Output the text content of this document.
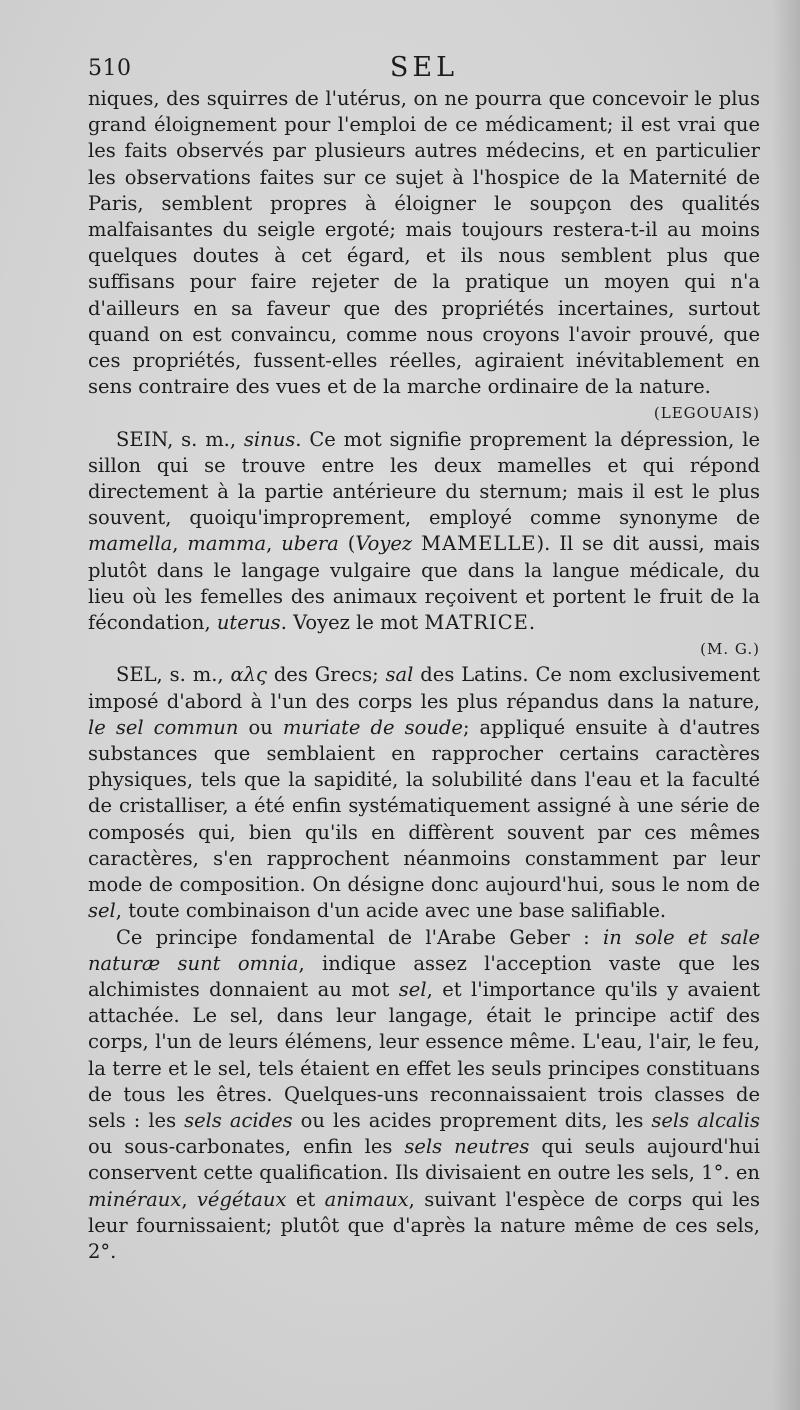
510	SEL

niques, des squirres de l'utérus, on ne pourra que concevoir le plus grand éloignement pour l'emploi de ce médicament; il est vrai que les faits observés par plusieurs autres médecins, et en particulier les observations faites sur ce sujet à l'hospice de la Maternité de Paris, semblent propres à éloigner le soupçon des qualités malfaisantes du seigle ergoté; mais toujours restera-t-il au moins quelques doutes à cet égard, et ils nous semblent plus que suffisans pour faire rejeter de la pratique un moyen qui n'a d'ailleurs en sa faveur que des propriétés incertaines, surtout quand on est convaincu, comme nous croyons l'avoir prouvé, que ces propriétés, fussent-elles réelles, agiraient inévitablement en sens contraire des vues et de la marche ordinaire de la nature.

(LEGOUAIS)

SEIN, s. m., sinus. Ce mot signifie proprement la dépression, le sillon qui se trouve entre les deux mamelles et qui répond directement à la partie antérieure du sternum; mais il est le plus souvent, quoiqu'improprement, employé comme synonyme de mamella, mamma, ubera (Voyez MAMELLE). Il se dit aussi, mais plutôt dans le langage vulgaire que dans la langue médicale, du lieu où les femelles des animaux reçoivent et portent le fruit de la fécondation, uterus. Voyez le mot MATRICE.

(M. G.)

SEL, s. m., αλς des Grecs; sal des Latins. Ce nom exclusivement imposé d'abord à l'un des corps les plus répandus dans la nature, le sel commun ou muriate de soude; appliqué ensuite à d'autres substances que semblaient en rapprocher certains caractères physiques, tels que la sapidité, la solubilité dans l'eau et la faculté de cristalliser, a été enfin systématiquement assigné à une série de composés qui, bien qu'ils en diffèrent souvent par ces mêmes caractères, s'en rapprochent néanmoins constamment par leur mode de composition. On désigne donc aujourd'hui, sous le nom de sel, toute combinaison d'un acide avec une base salifiable.

Ce principe fondamental de l'Arabe Geber : in sole et sale naturæ sunt omnia, indique assez l'acception vaste que les alchimistes donnaient au mot sel, et l'importance qu'ils y avaient attachée. Le sel, dans leur langage, était le principe actif des corps, l'un de leurs élémens, leur essence même. L'eau, l'air, le feu, la terre et le sel, tels étaient en effet les seuls principes constituans de tous les êtres. Quelques-uns reconnaissaient trois classes de sels : les sels acides ou les acides proprement dits, les sels alcalis ou sous-carbonates, enfin les sels neutres qui seuls aujourd'hui conservent cette qualification. Ils divisaient en outre les sels, 1°. en minéraux, végétaux et animaux, suivant l'espèce de corps qui les leur fournissaient; plutôt que d'après la nature même de ces sels, 2°.
